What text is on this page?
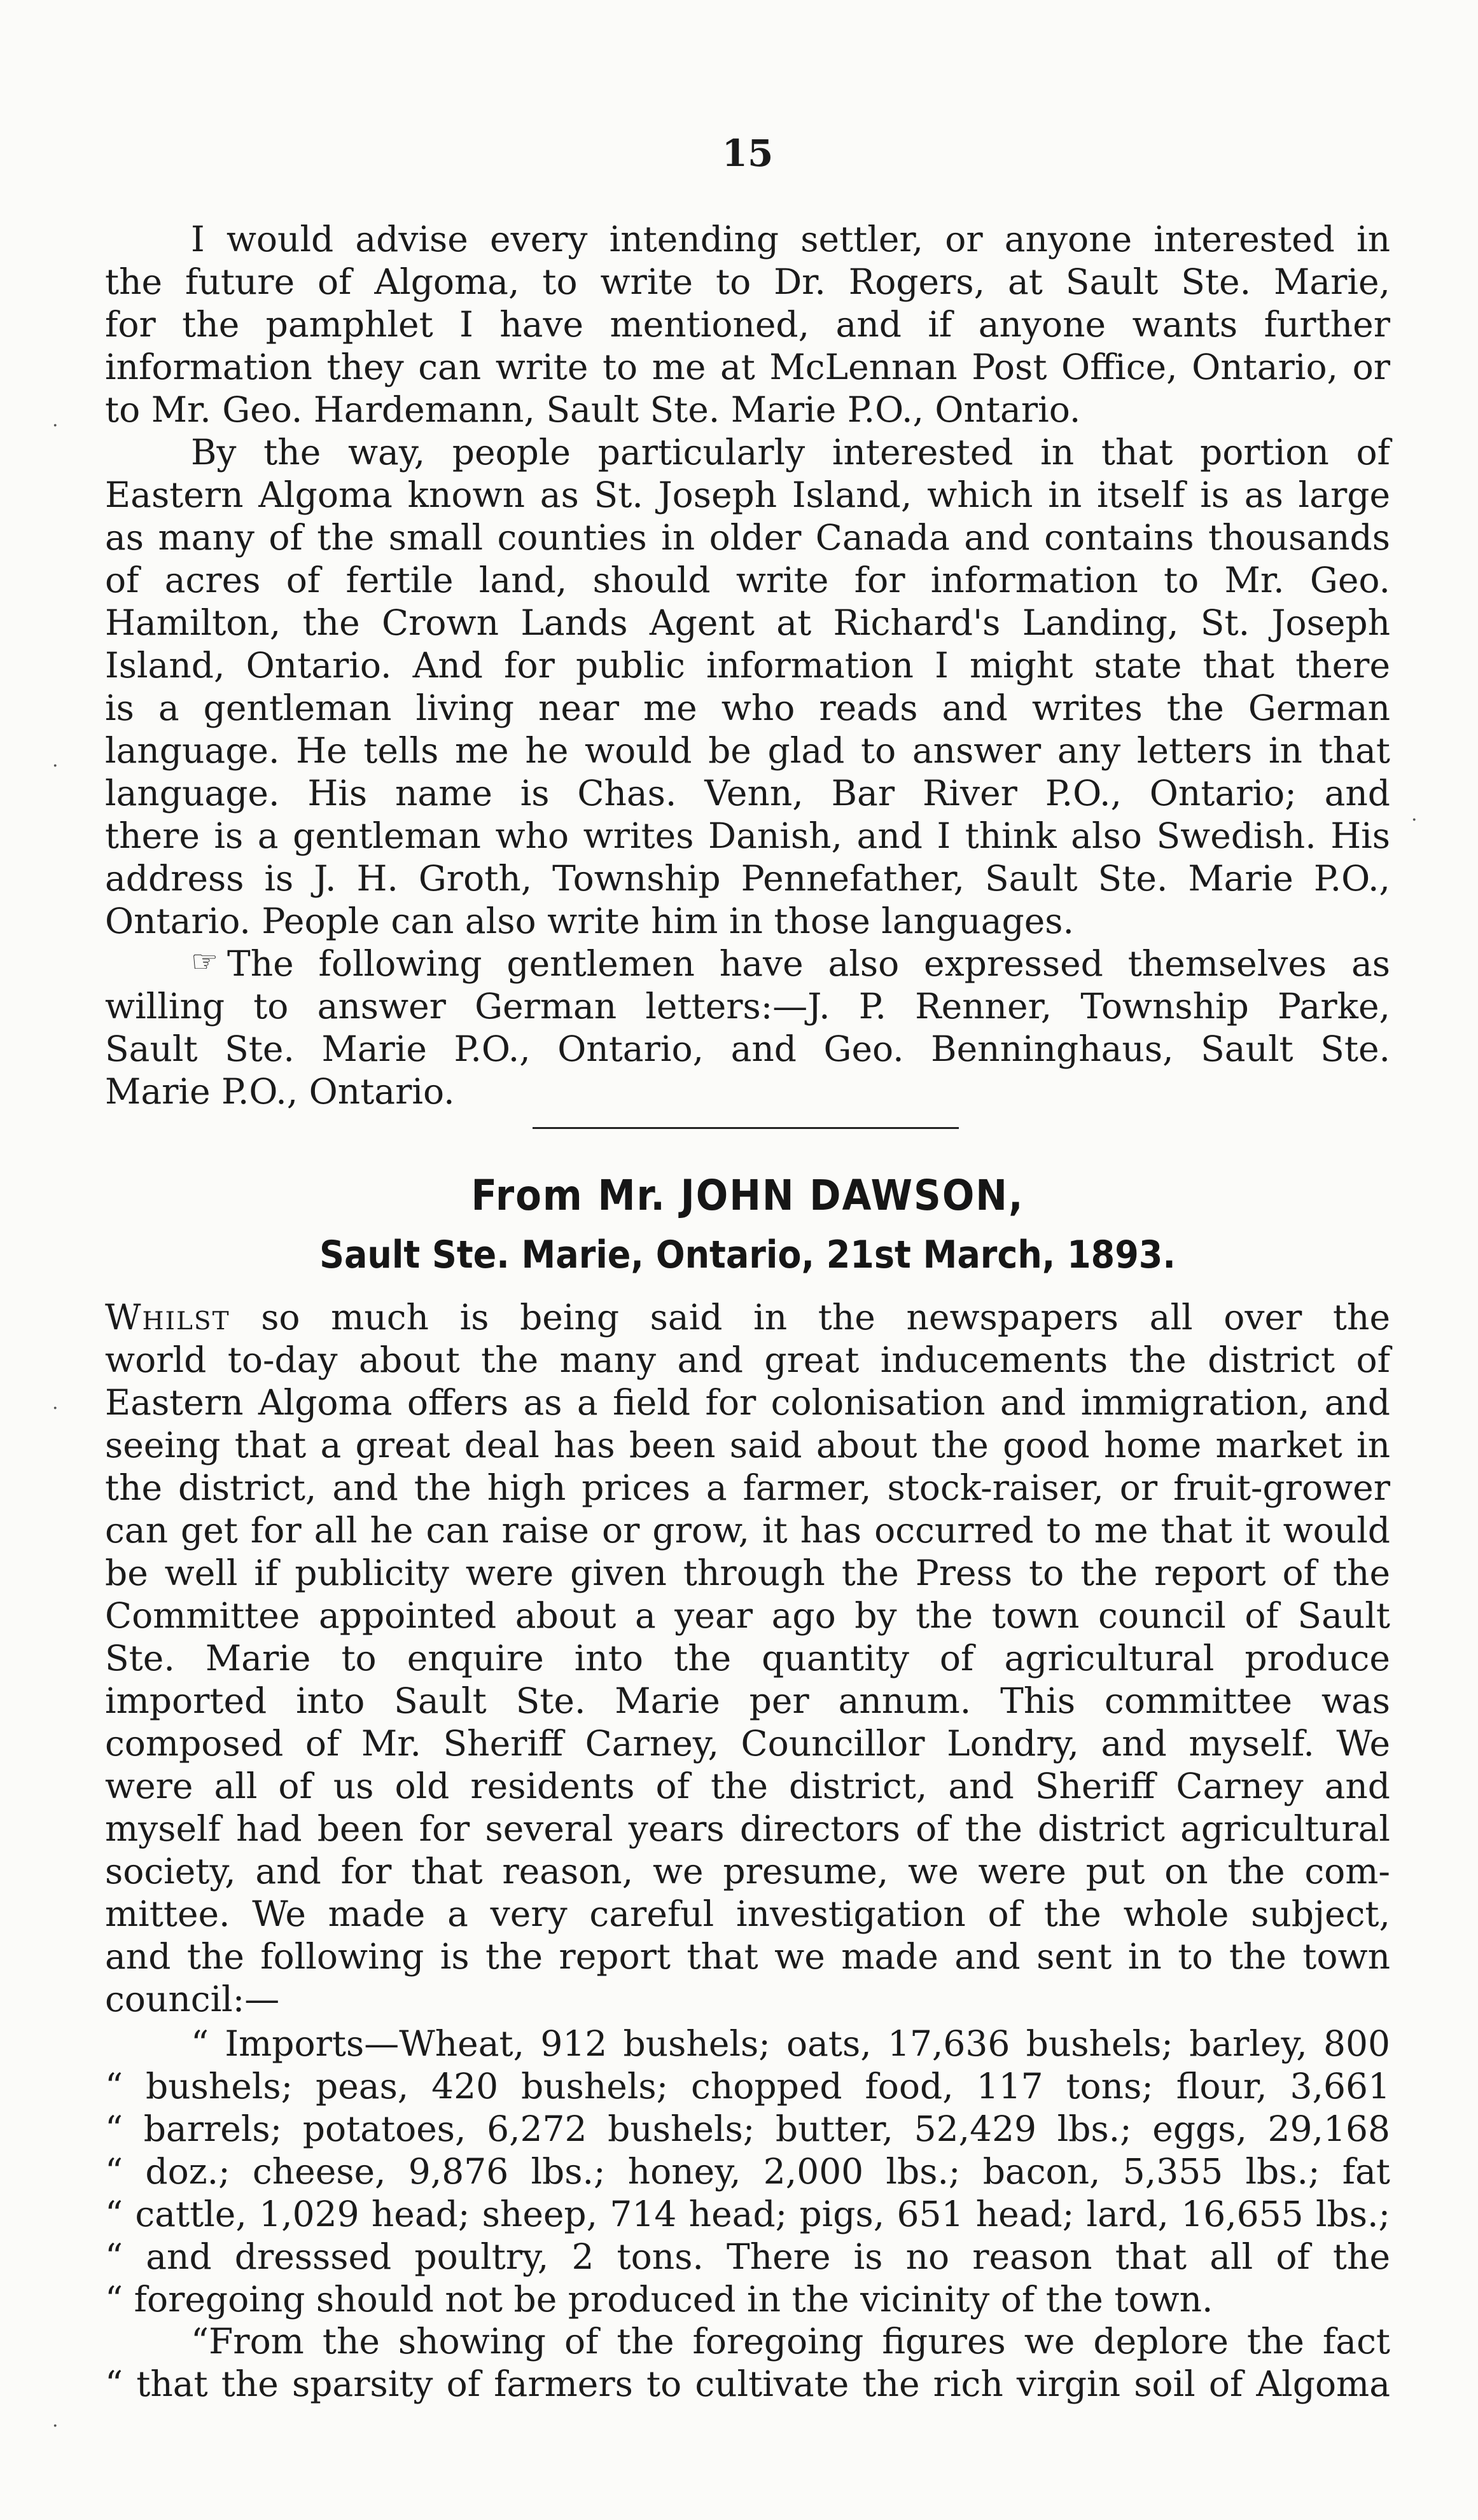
15
I would advise every intending settler, or anyone interested in
the future of Algoma, to write to Dr. Rogers, at Sault Ste. Marie,
for the pamphlet I have mentioned, and if anyone wants further
information they can write to me at McLennan Post Office, Ontario, or
to Mr. Geo. Hardemann, Sault Ste. Marie P.O., Ontario.
By the way, people particularly interested in that portion of
Eastern Algoma known as St. Joseph Island, which in itself is as large
as many of the small counties in older Canada and contains thousands
of acres of fertile land, should write for information to Mr. Geo.
Hamilton, the Crown Lands Agent at Richard's Landing, St. Joseph
Island, Ontario. And for public information I might state that there
is a gentleman living near me who reads and writes the German
language. He tells me he would be glad to answer any letters in that
language. His name is Chas. Venn, Bar River P.O., Ontario; and
there is a gentleman who writes Danish, and I think also Swedish. His
address is J. H. Groth, Township Pennefather, Sault Ste. Marie P.O.,
Ontario. People can also write him in those languages.
☞ The following gentlemen have also expressed themselves as
willing to answer German letters:—J. P. Renner, Township Parke,
Sault Ste. Marie P.O., Ontario, and Geo. Benninghaus, Sault Ste.
Marie P.O., Ontario.
From Mr. JOHN DAWSON,
Sault Ste. Marie, Ontario, 21st March, 1893.
Whilst so much is being said in the newspapers all over the
world to-day about the many and great inducements the district of
Eastern Algoma offers as a field for colonisation and immigration, and
seeing that a great deal has been said about the good home market in
the district, and the high prices a farmer, stock-raiser, or fruit-grower
can get for all he can raise or grow, it has occurred to me that it would
be well if publicity were given through the Press to the report of the
Committee appointed about a year ago by the town council of Sault
Ste. Marie to enquire into the quantity of agricultural produce
imported into Sault Ste. Marie per annum. This committee was
composed of Mr. Sheriff Carney, Councillor Londry, and myself. We
were all of us old residents of the district, and Sheriff Carney and
myself had been for several years directors of the district agricultural
society, and for that reason, we presume, we were put on the com-
mittee. We made a very careful investigation of the whole subject,
and the following is the report that we made and sent in to the town
council:—
“ Imports—Wheat, 912 bushels; oats, 17,636 bushels; barley, 800
“ bushels; peas, 420 bushels; chopped food, 117 tons; flour, 3,661
“ barrels; potatoes, 6,272 bushels; butter, 52,429 lbs.; eggs, 29,168
“ doz.; cheese, 9,876 lbs.; honey, 2,000 lbs.; bacon, 5,355 lbs.; fat
“ cattle, 1,029 head; sheep, 714 head; pigs, 651 head; lard, 16,655 lbs.;
“ and dresssed poultry, 2 tons. There is no reason that all of the
“ foregoing should not be produced in the vicinity of the town.
“From the showing of the foregoing figures we deplore the fact
“ that the sparsity of farmers to cultivate the rich virgin soil of Algoma
·
·
·
·
·
